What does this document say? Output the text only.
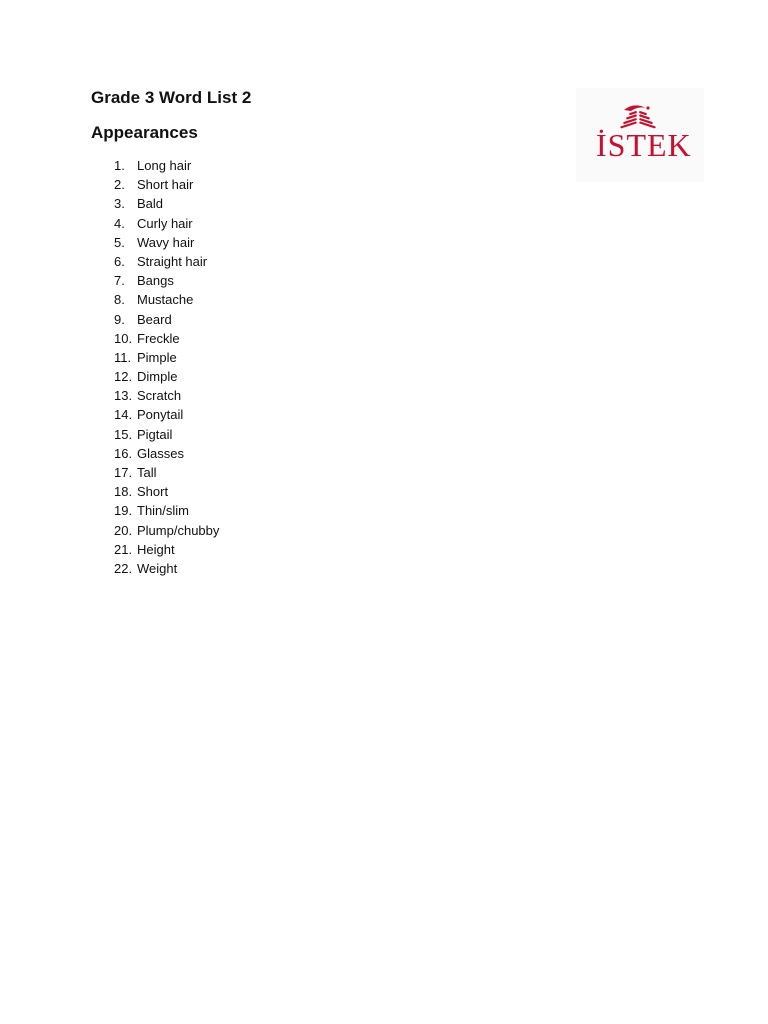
Grade 3 Word List 2
Appearances
1. Long hair
2. Short hair
3. Bald
4. Curly hair
5. Wavy hair
6. Straight hair
7. Bangs
8. Mustache
9. Beard
10. Freckle
11. Pimple
12. Dimple
13. Scratch
14. Ponytail
15. Pigtail
16. Glasses
17. Tall
18. Short
19. Thin/slim
20. Plump/chubby
21. Height
22. Weight
İSTEK
